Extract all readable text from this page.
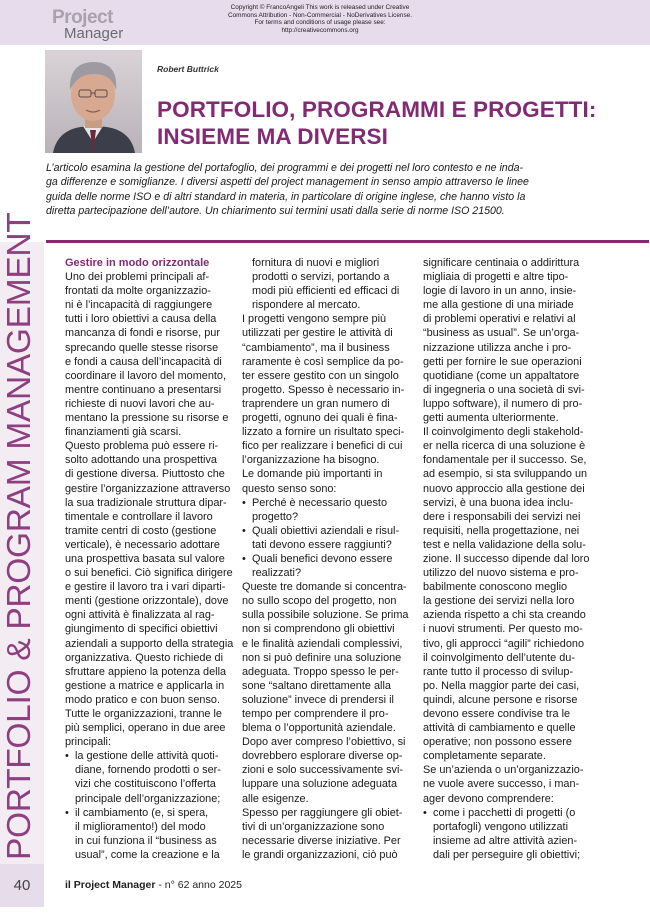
Project
Manager
Copyright © FrancoAngeli This work is released under Creative
Commons Attribution - Non-Commercial - NoDerivatives License.
For terms and conditions of usage please see:
http://creativecommons.org
Robert Buttrick
PORTFOLIO, PROGRAMMI E PROGETTI:
INSIEME MA DIVERSI
L’articolo esamina la gestione del portafoglio, dei programmi e dei progetti nel loro contesto e ne inda-
ga differenze e somiglianze. I diversi aspetti del project management in senso ampio attraverso le linee
guida delle norme ISO e di altri standard in materia, in particolare di origine inglese, che hanno visto la
diretta partecipazione dell’autore. Un chiarimento sui termini usati dalla serie di norme ISO 21500.
PORTFOLIO & PROGRAM MANAGEMENT Gestire in modo orizzontale
Uno dei problemi principali af-
frontati da molte organizzazio-
ni è l’incapacità di raggiungere
tutti i loro obiettivi a causa della
mancanza di fondi e risorse, pur
sprecando quelle stesse risorse
e fondi a causa dell’incapacità di
coordinare il lavoro del momento,
mentre continuano a presentarsi
richieste di nuovi lavori che au-
mentano la pressione su risorse e
finanziamenti già scarsi.
Questo problema può essere ri-
solto adottando una prospettiva
di gestione diversa. Piuttosto che
gestire l’organizzazione attraverso
la sua tradizionale struttura dipar-
timentale e controllare il lavoro
tramite centri di costo (gestione
verticale), è necessario adottare
una prospettiva basata sul valore
o sui benefici. Ciò significa dirigere
e gestire il lavoro tra i vari diparti-
menti (gestione orizzontale), dove
ogni attività è finalizzata al rag-
giungimento di specifici obiettivi
aziendali a supporto della strategia
organizzativa. Questo richiede di
sfruttare appieno la potenza della
gestione a matrice e applicarla in
modo pratico e con buon senso.
Tutte le organizzazioni, tranne le
più semplici, operano in due aree
principali:
• la gestione delle attività quoti-
diane, fornendo prodotti o ser-
vizi che costituiscono l’offerta
principale dell’organizzazione;
• il cambiamento (e, si spera,
il miglioramento!) del modo
in cui funziona il “business as
usual”, come la creazione e la
fornitura di nuovi e migliori
prodotti o servizi, portando a
modi più efficienti ed efficaci di
rispondere al mercato.
I progetti vengono sempre più
utilizzati per gestire le attività di
“cambiamento”, ma il business
raramente è così semplice da po-
ter essere gestito con un singolo
progetto. Spesso è necessario in-
traprendere un gran numero di
progetti, ognuno dei quali è fina-
lizzato a fornire un risultato speci-
fico per realizzare i benefici di cui
l’organizzazione ha bisogno.
Le domande più importanti in
questo senso sono:
• Perché è necessario questo
progetto?
• Quali obiettivi aziendali e risul-
tati devono essere raggiunti?
• Quali benefici devono essere
realizzati?
Queste tre domande si concentra-
no sullo scopo del progetto, non
sulla possibile soluzione. Se prima
non si comprendono gli obiettivi
e le finalità aziendali complessivi,
non si può definire una soluzione
adeguata. Troppo spesso le per-
sone “saltano direttamente alla
soluzione” invece di prendersi il
tempo per comprendere il pro-
blema o l’opportunità aziendale.
Dopo aver compreso l’obiettivo, si
dovrebbero esplorare diverse op-
zioni e solo successivamente svi-
luppare una soluzione adeguata
alle esigenze.
Spesso per raggiungere gli obiet-
tivi di un’organizzazione sono
necessarie diverse iniziative. Per
le grandi organizzazioni, ciò può
significare centinaia o addirittura
migliaia di progetti e altre tipo-
logie di lavoro in un anno, insie-
me alla gestione di una miriade
di problemi operativi e relativi al
“business as usual”. Se un’orga-
nizzazione utilizza anche i pro-
getti per fornire le sue operazioni
quotidiane (come un appaltatore
di ingegneria o una società di svi-
luppo software), il numero di pro-
getti aumenta ulteriormente.
Il coinvolgimento degli stakehold-
er nella ricerca di una soluzione è
fondamentale per il successo. Se,
ad esempio, si sta sviluppando un
nuovo approccio alla gestione dei
servizi, è una buona idea inclu-
dere i responsabili dei servizi nei
requisiti, nella progettazione, nei
test e nella validazione della solu-
zione. Il successo dipende dal loro
utilizzo del nuovo sistema e pro-
babilmente conoscono meglio
la gestione dei servizi nella loro
azienda rispetto a chi sta creando
i nuovi strumenti. Per questo mo-
tivo, gli approcci “agili” richiedono
il coinvolgimento dell’utente du-
rante tutto il processo di svilup-
po. Nella maggior parte dei casi,
quindi, alcune persone e risorse
devono essere condivise tra le
attività di cambiamento e quelle
operative; non possono essere
completamente separate.
Se un’azienda o un’organizzazio-
ne vuole avere successo, i man-
ager devono comprendere:
• come i pacchetti di progetti (o
portafogli) vengono utilizzati
insieme ad altre attività azien-
dali per perseguire gli obiettivi;
40	il Project Manager - n° 62 anno 2025
